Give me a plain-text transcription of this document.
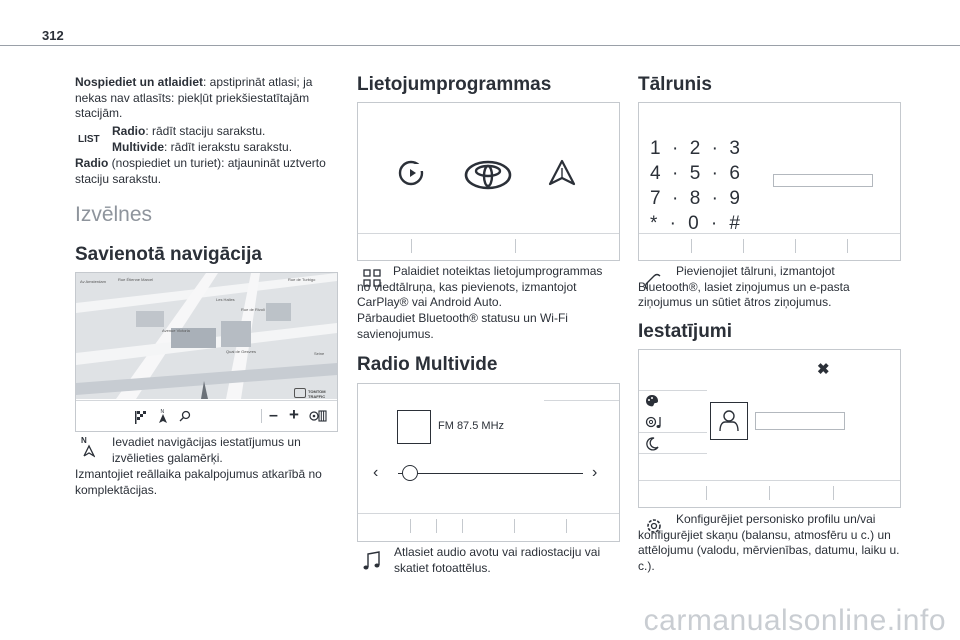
312
Nospiediet un atlaidiet: apstiprināt atlasi; ja nekas nav atlasīts: piekļūt priekšiestatītajām stacijām.
LIST
Radio: rādīt staciju sarakstu.
Multivide: rādīt ierakstu sarakstu.
Radio (nospiediet un turiet): atjaunināt uztverto staciju sarakstu.
Izvēlnes
Savienotā navigācija
Av Amsterdam	Rue Étienne Marcel	Rue de Turbigo
Les Halles
Rue de Rivoli
Avenue Victoria
Quai de Gesvres	Seine
TOMTOM TRAFFIC
N	– +
N Ievadiet navigācijas iestatījumus un izvēlieties galamērķi.
Izmantojiet reāllaika pakalpojumus atkarībā no komplektācijas.
Lietojumprogrammas
Palaidiet noteiktas lietojumprogrammas no viedtālruņa, kas pievienots, izmantojot CarPlay® vai Android Auto.
Pārbaudiet Bluetooth® statusu un Wi-Fi savienojumus.
Radio Multivide
FM 87.5 MHz
‹	›
Atlasiet audio avotu vai radiostaciju vai skatiet fotoattēlus.
Tālrunis
1 · 2 · 3
4 · 5 · 6
7 · 8 · 9
* · 0 · #
Pievienojiet tālruni, izmantojot Bluetooth®, lasiet ziņojumus un e-pasta ziņojumus un sūtiet ātros ziņojumus.
Iestatījumi
✖
Konfigurējiet personisko profilu un/vai konfigurējiet skaņu (balansu, atmosfēru u c.) un attēlojumu (valodu, mērvienības, datumu, laiku u. c.).
carmanualsonline.info
